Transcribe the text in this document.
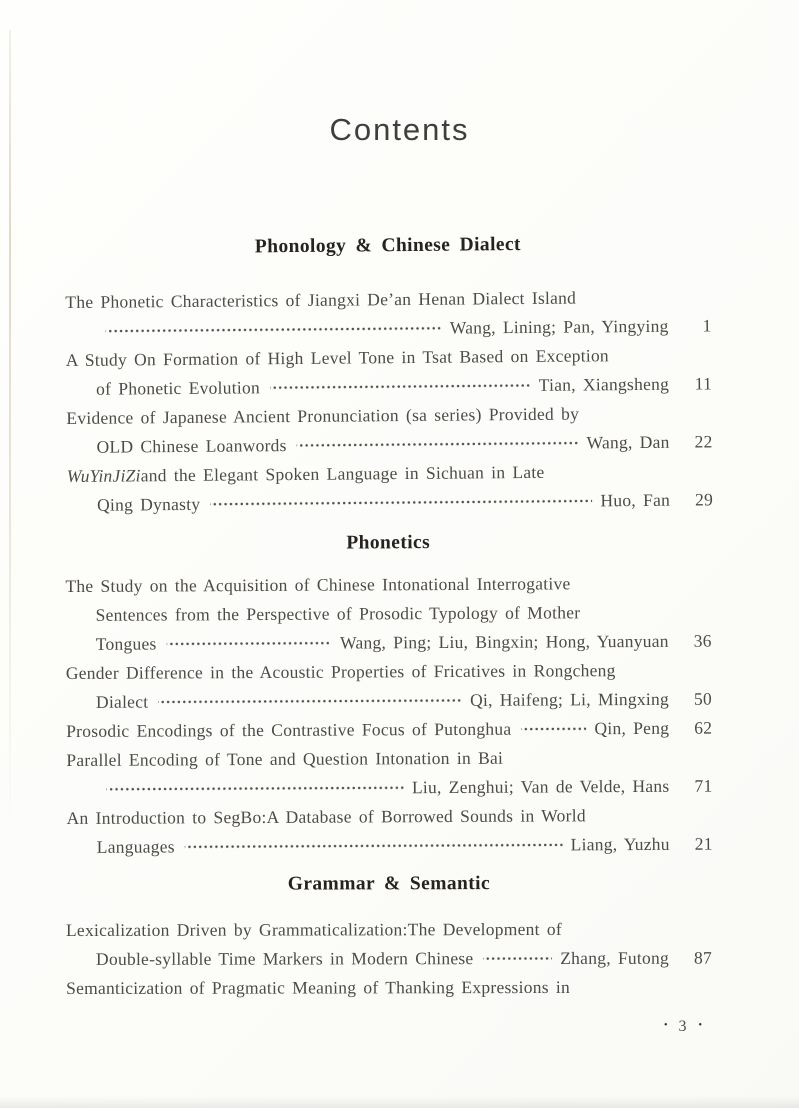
Contents
Phonology & Chinese Dialect
The Phonetic Characteristics of Jiangxi De’an Henan Dialect Island
Wang, Lining; Pan, Yingying	1
A Study On Formation of High Level Tone in Tsat Based on Exception
of Phonetic Evolution	Tian, Xiangsheng	11
Evidence of Japanese Ancient Pronunciation (sa series) Provided by
OLD Chinese Loanwords	Wang, Dan	22
WuYinJiZi and the Elegant Spoken Language in Sichuan in Late
Qing Dynasty	Huo, Fan	29
Phonetics
The Study on the Acquisition of Chinese Intonational Interrogative
Sentences from the Perspective of Prosodic Typology of Mother
Tongues	Wang, Ping; Liu, Bingxin; Hong, Yuanyuan	36
Gender Difference in the Acoustic Properties of Fricatives in Rongcheng
Dialect	Qi, Haifeng; Li, Mingxing	50
Prosodic Encodings of the Contrastive Focus of Putonghua	Qin, Peng	62
Parallel Encoding of Tone and Question Intonation in Bai
Liu, Zenghui; Van de Velde, Hans	71
An Introduction to SegBo:A Database of Borrowed Sounds in World
Languages	Liang, Yuzhu	21
Grammar & Semantic
Lexicalization Driven by Grammaticalization:The Development of
Double-syllable Time Markers in Modern Chinese	Zhang, Futong	87
Semanticization of Pragmatic Meaning of Thanking Expressions in
• 3 •
